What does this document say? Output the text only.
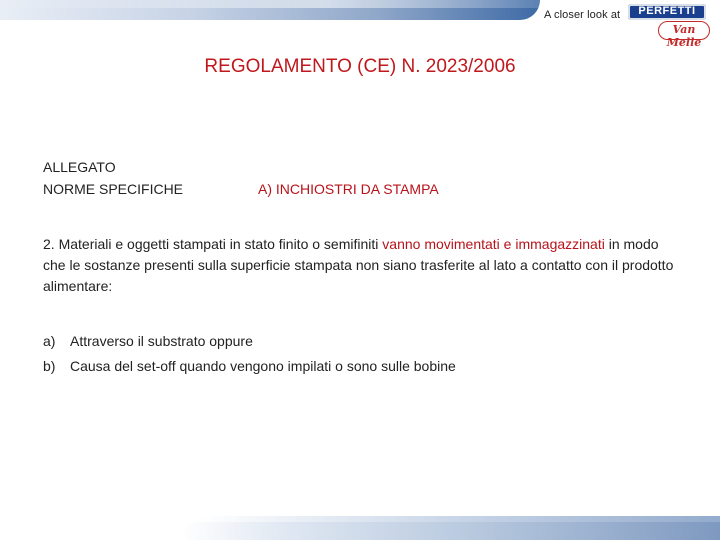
A closer look at	PERFETTI
Van Melle
REGOLAMENTO (CE) N. 2023/2006
ALLEGATO
NORME SPECIFICHE	A) INCHIOSTRI DA STAMPA
2. Materiali e oggetti stampati in stato finito o semifiniti vanno movimentati e immagazzinati in modo che le sostanze presenti sulla superficie stampata non siano trasferite al lato a contatto con il prodotto alimentare:
a)	Attraverso il substrato oppure
b)	Causa del set-off quando vengono impilati o sono sulle bobine
